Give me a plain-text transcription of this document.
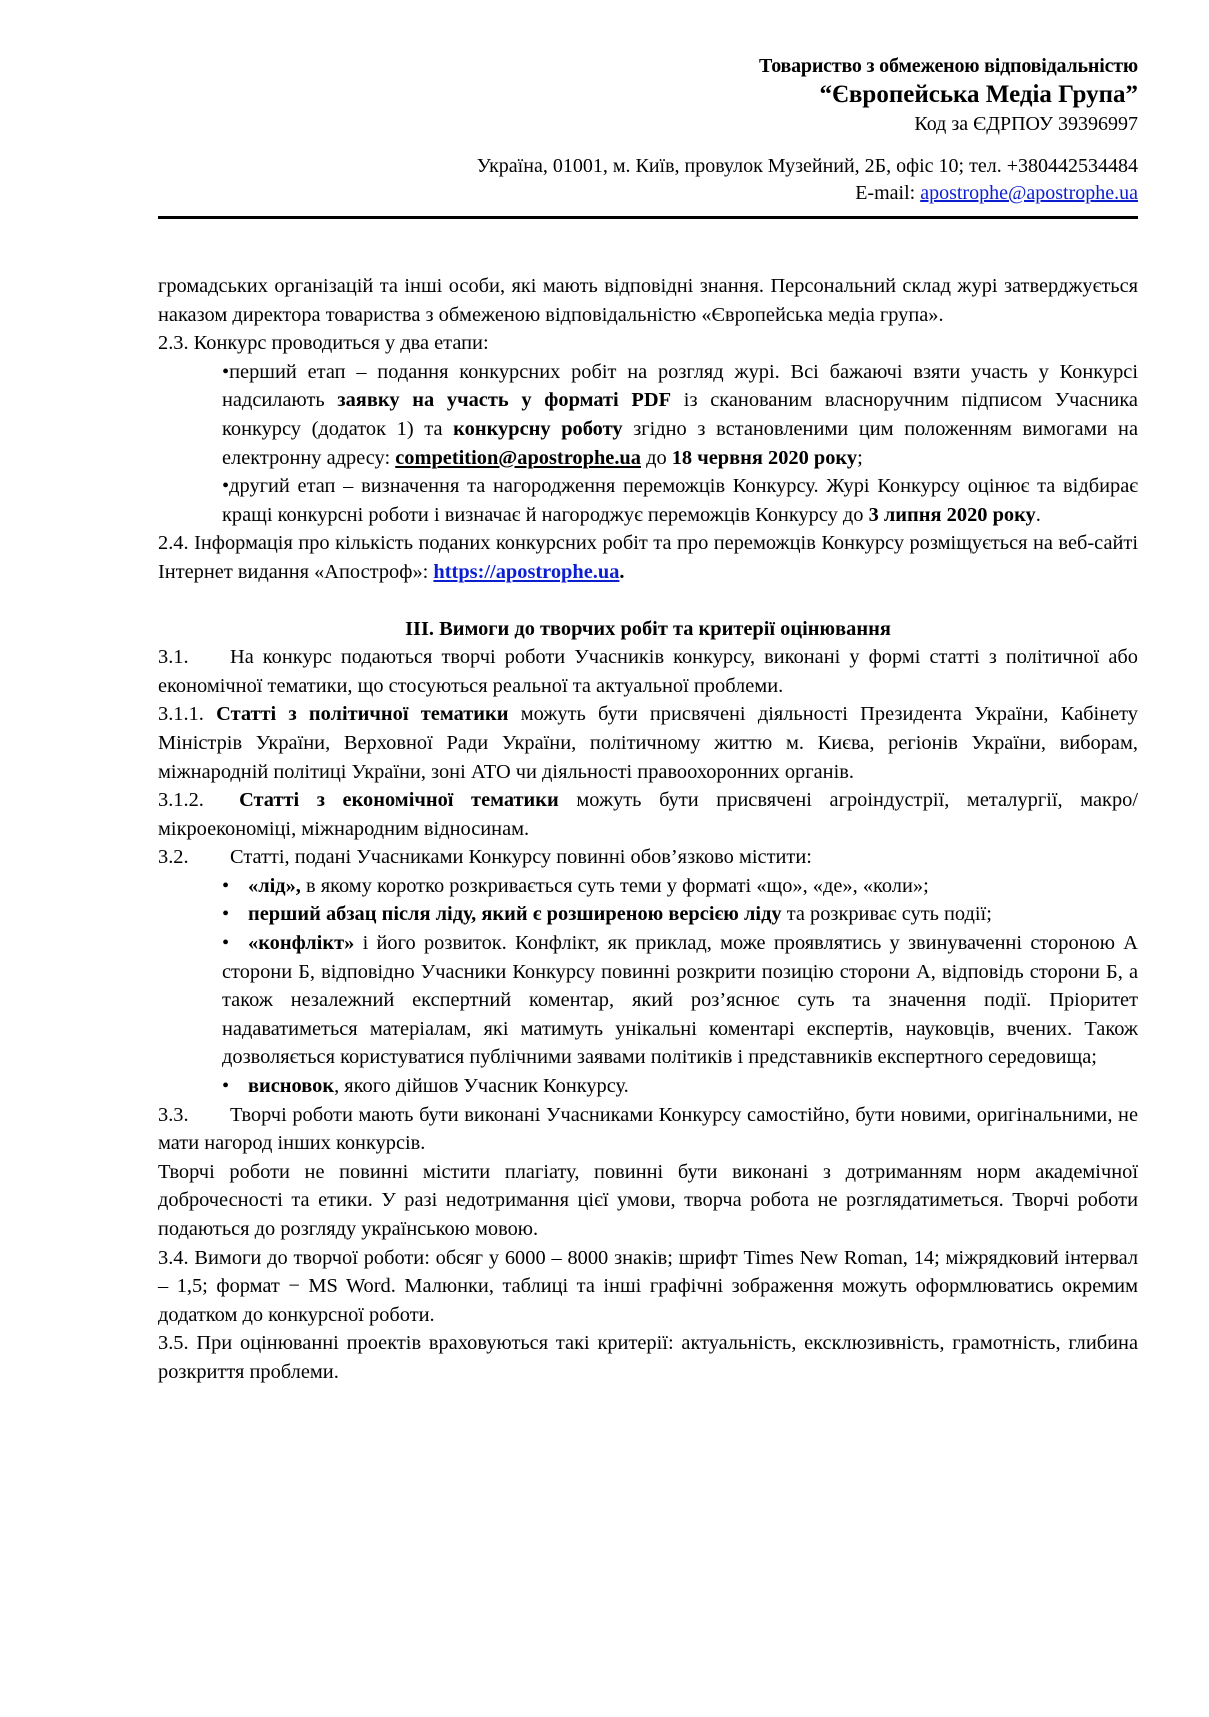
Товариство з обмеженою відповідальністю
“Європейська Медіа Група”
Код за ЄДРПОУ 39396997
Україна, 01001, м. Київ, провулок Музейний, 2Б, офіс 10; тел. +380442534484
E-mail: apostrophe@apostrophe.ua

громадських організацій та інші особи, які мають відповідні знання. Персональний склад журі затверджується наказом директора товариства з обмеженою відповідальністю «Європейська медіа група».

2.3. Конкурс проводиться у два етапи:

•перший етап – подання конкурсних робіт на розгляд журі. Всі бажаючі взяти участь у Конкурсі надсилають заявку на участь у форматі PDF із сканованим власноручним підписом Учасника конкурсу (додаток 1) та конкурсну роботу згідно з встановленими цим положенням вимогами на електронну адресу: competition@apostrophe.ua до 18 червня 2020 року;

•другий етап – визначення та нагородження переможців Конкурсу. Журі Конкурсу оцінює та відбирає кращі конкурсні роботи і визначає й нагороджує переможців Конкурсу до 3 липня 2020 року.

2.4. Інформація про кількість поданих конкурсних робіт та про переможців Конкурсу розміщується на веб-сайті Інтернет видання «Апостроф»: https://apostrophe.ua.

ІІІ. Вимоги до творчих робіт та критерії оцінювання

3.1. На конкурс подаються творчі роботи Учасників конкурсу, виконані у формі статті з політичної або економічної тематики, що стосуються реальної та актуальної проблеми.

3.1.1. Статті з політичної тематики можуть бути присвячені діяльності Президента України, Кабінету Міністрів України, Верховної Ради України, політичному життю м. Києва, регіонів України, виборам, міжнародній політиці України, зоні АТО чи діяльності правоохоронних органів.

3.1.2.  Статті з економічної тематики можуть бути присвячені агроіндустрії, металургії, макро/мікроекономіці, міжнародним відносинам.

3.2. Статті, подані Учасниками Конкурсу повинні обов’язково містити:

• «лід», в якому коротко розкривається суть теми у форматі «що», «де», «коли»;

• перший абзац після ліду, який є розширеною версією ліду та розкриває суть події;

• «конфлікт» і його розвиток. Конфлікт, як приклад, може проявлятись у звинуваченні стороною А сторони Б, відповідно Учасники Конкурсу повинні розкрити позицію сторони А, відповідь сторони Б, а також незалежний експертний коментар, який роз’яснює суть та значення події. Пріоритет надаватиметься матеріалам, які матимуть унікальні коментарі експертів, науковців, вчених. Також дозволяється користуватися публічними заявами політиків і представників експертного середовища;

• висновок, якого дійшов Учасник Конкурсу.

3.3. Творчі роботи мають бути виконані Учасниками Конкурсу самостійно, бути новими, оригінальними, не мати нагород інших конкурсів.

Творчі роботи не повинні містити плагіату, повинні бути виконані з дотриманням норм академічної доброчесності та етики. У разі недотримання цієї умови, творча робота не розглядатиметься. Творчі роботи подаються до розгляду українською мовою.

3.4. Вимоги до творчої роботи: обсяг у 6000 – 8000 знаків; шрифт Times New Roman, 14; міжрядковий інтервал – 1,5; формат − MS Word. Малюнки, таблиці та інші графічні зображення можуть оформлюватись окремим додатком до конкурсної роботи.

3.5. При оцінюванні проектів враховуються такі критерії: актуальність, ексклюзивність, грамотність, глибина розкриття проблеми.
